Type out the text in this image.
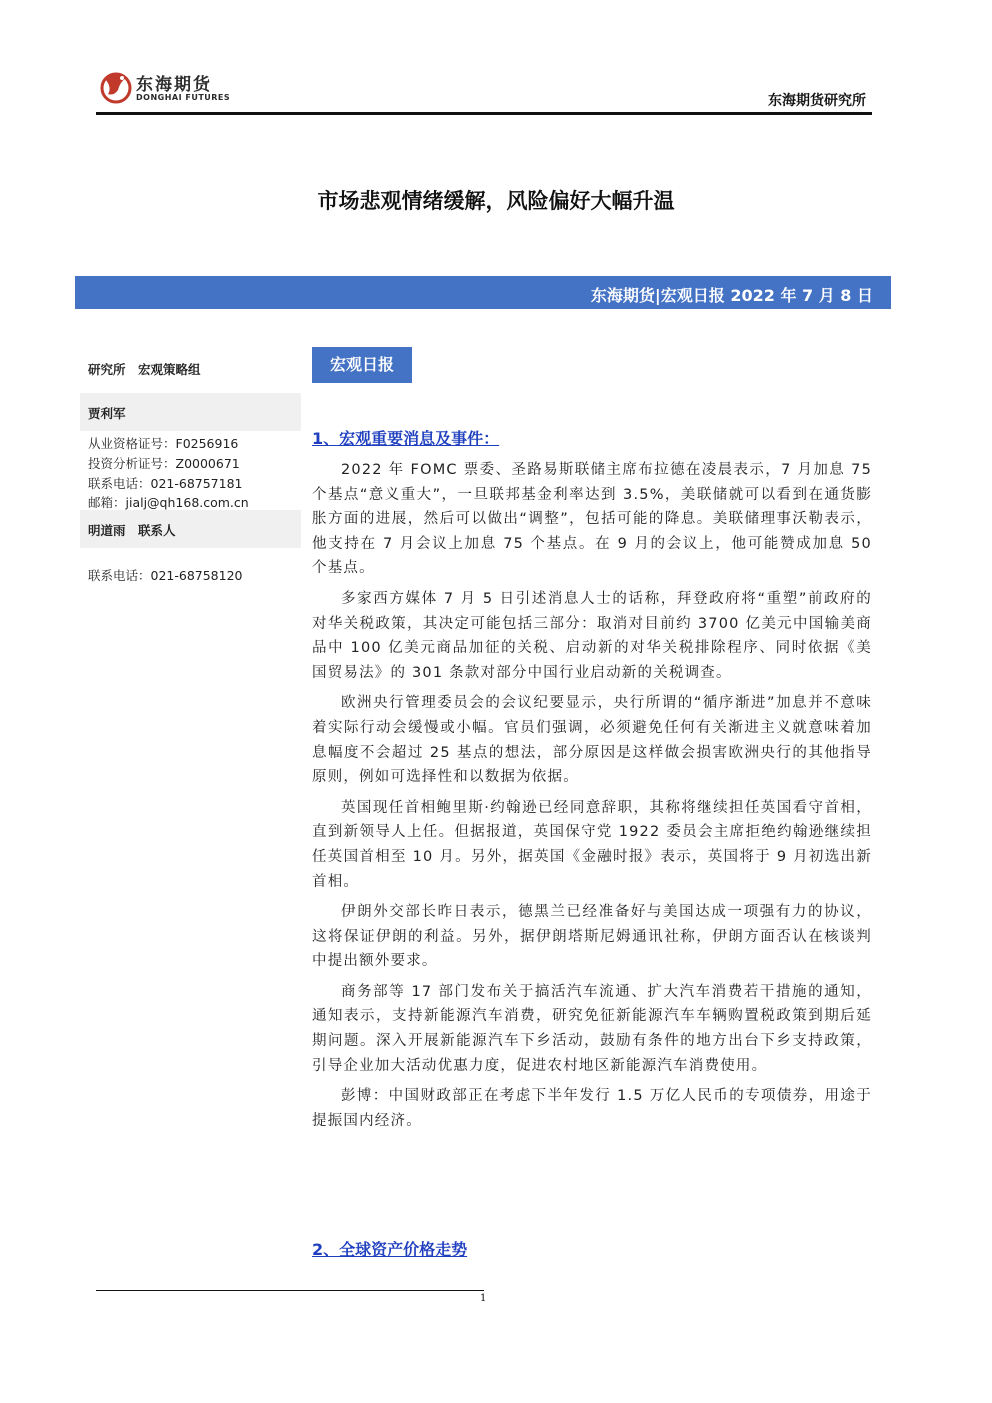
东海期货
DONGHAI FUTURES	东海期货研究所
市场悲观情绪缓解，风险偏好大幅升温
东海期货|宏观日报 2022 年 7 月 8 日
研究所　宏观策略组
贾利军
从业资格证号：F0256916
投资分析证号：Z0000671
联系电话：021-68757181
邮箱：jialj@qh168.com.cn
明道雨　联系人
联系电话：021-68758120
宏观日报
1、宏观重要消息及事件：

2022 年 FOMC 票委、圣路易斯联储主席布拉德在凌晨表示，7 月加息 75 个基点“意义重大”，一旦联邦基金利率达到 3.5%，美联储就可以看到在通货膨胀方面的进展，然后可以做出“调整”，包括可能的降息。美联储理事沃勒表示，他支持在 7 月会议上加息 75 个基点。在 9 月的会议上，他可能赞成加息 50 个基点。

多家西方媒体 7 月 5 日引述消息人士的话称，拜登政府将“重塑”前政府的对华关税政策，其决定可能包括三部分：取消对目前约 3700 亿美元中国输美商品中 100 亿美元商品加征的关税、启动新的对华关税排除程序、同时依据《美国贸易法》的 301 条款对部分中国行业启动新的关税调查。

欧洲央行管理委员会的会议纪要显示，央行所谓的“循序渐进”加息并不意味着实际行动会缓慢或小幅。官员们强调，必须避免任何有关渐进主义就意味着加息幅度不会超过 25 基点的想法，部分原因是这样做会损害欧洲央行的其他指导原则，例如可选择性和以数据为依据。

英国现任首相鲍里斯·约翰逊已经同意辞职，其称将继续担任英国看守首相，直到新领导人上任。但据报道，英国保守党 1922 委员会主席拒绝约翰逊继续担任英国首相至 10 月。另外，据英国《金融时报》表示，英国将于 9 月初选出新首相。

伊朗外交部长昨日表示，德黑兰已经准备好与美国达成一项强有力的协议，这将保证伊朗的利益。另外，据伊朗塔斯尼姆通讯社称，伊朗方面否认在核谈判中提出额外要求。

商务部等 17 部门发布关于搞活汽车流通、扩大汽车消费若干措施的通知，通知表示，支持新能源汽车消费，研究免征新能源汽车车辆购置税政策到期后延期问题。深入开展新能源汽车下乡活动，鼓励有条件的地方出台下乡支持政策，引导企业加大活动优惠力度，促进农村地区新能源汽车消费使用。

彭博：中国财政部正在考虑下半年发行 1.5 万亿人民币的专项债券，用途于提振国内经济。

2、全球资产价格走势
1
